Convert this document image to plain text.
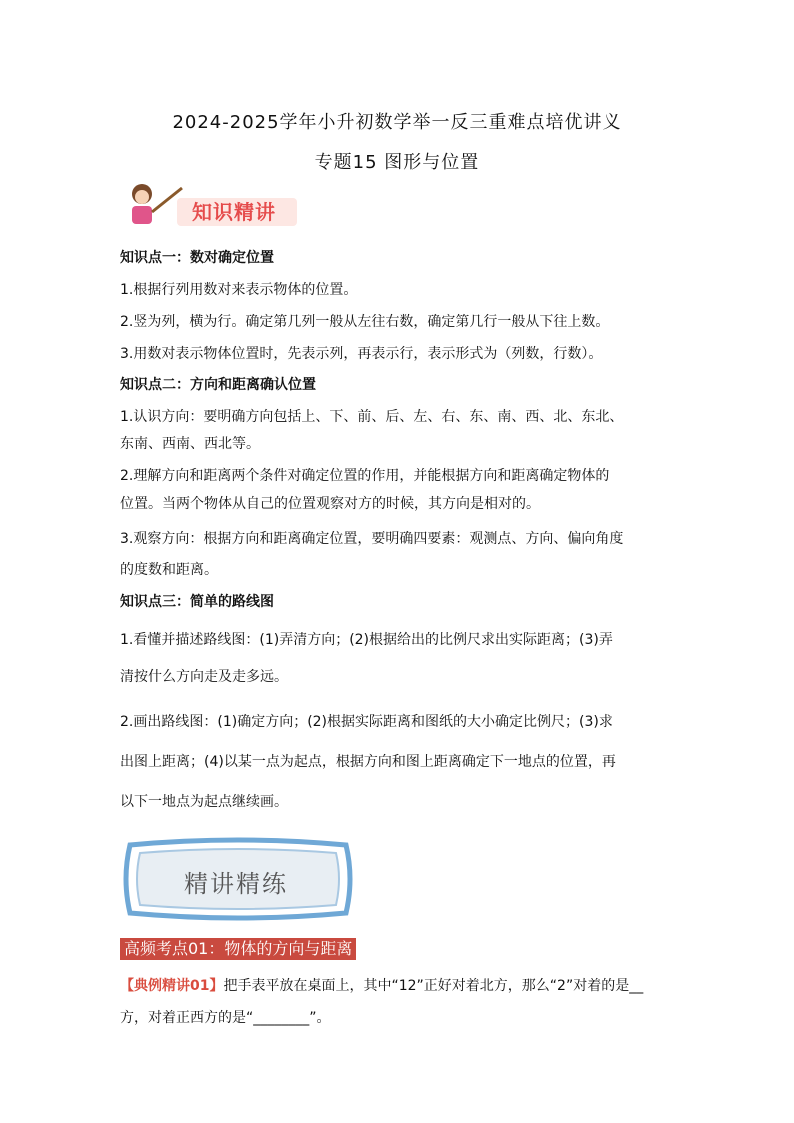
2024-2025学年小升初数学举一反三重难点培优讲义
专题15 图形与位置
知识精讲
知识点一：数对确定位置
1.根据行列用数对来表示物体的位置。
2.竖为列，横为行。确定第几列一般从左往右数，确定第几行一般从下往上数。
3.用数对表示物体位置时，先表示列，再表示行，表示形式为（列数，行数）。
知识点二：方向和距离确认位置
1.认识方向：要明确方向包括上、下、前、后、左、右、东、南、西、北、东北、
东南、西南、西北等。
2.理解方向和距离两个条件对确定位置的作用，并能根据方向和距离确定物体的
位置。当两个物体从自己的位置观察对方的时候，其方向是相对的。
3.观察方向：根据方向和距离确定位置，要明确四要素：观测点、方向、偏向角度
的度数和距离。
知识点三：简单的路线图
1.看懂并描述路线图：(1)弄清方向；(2)根据给出的比例尺求出实际距离；(3)弄
清按什么方向走及走多远。
2.画出路线图：(1)确定方向；(2)根据实际距离和图纸的大小确定比例尺；(3)求
出图上距离；(4)以某一点为起点，根据方向和图上距离确定下一地点的位置，再
以下一地点为起点继续画。
精讲精练
高频考点01：物体的方向与距离
【典例精讲01】把手表平放在桌面上，其中“12”正好对着北方，那么“2”对着的是__
方，对着正西方的是“________”。
